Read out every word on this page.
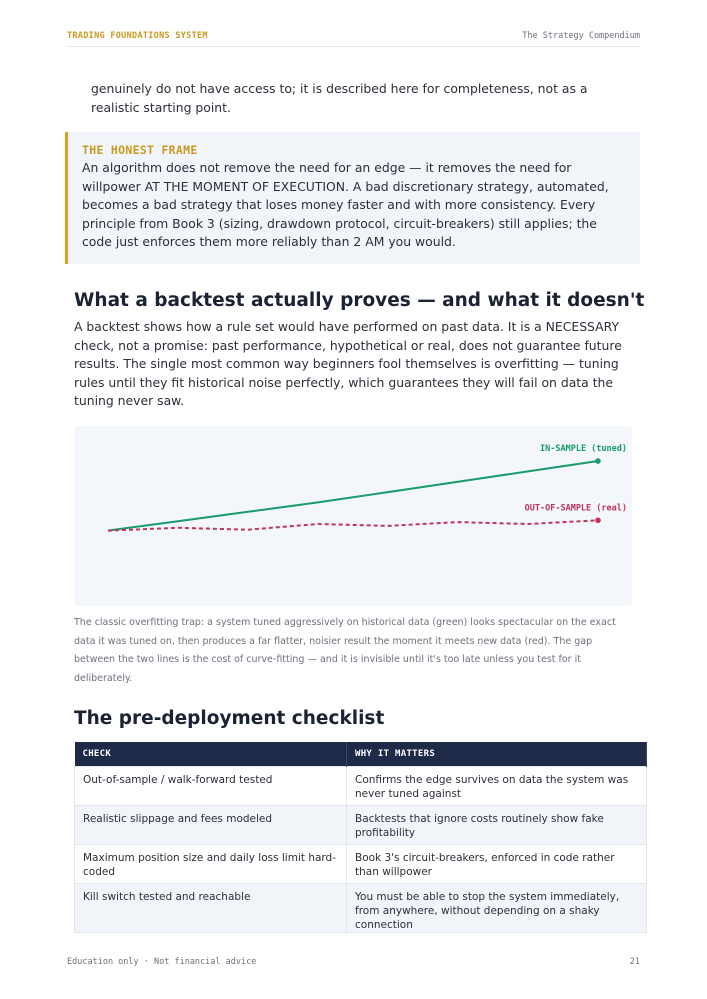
TRADING FOUNDATIONS SYSTEM	The Strategy Compendium

genuinely do not have access to; it is described here for completeness, not as a realistic starting point.

THE HONEST FRAME
An algorithm does not remove the need for an edge — it removes the need for willpower AT THE MOMENT OF EXECUTION. A bad discretionary strategy, automated, becomes a bad strategy that loses money faster and with more consistency. Every principle from Book 3 (sizing, drawdown protocol, circuit-breakers) still applies; the code just enforces them more reliably than 2 AM you would.
What a backtest actually proves — and what it doesn't

A backtest shows how a rule set would have performed on past data. It is a NECESSARY check, not a promise: past performance, hypothetical or real, does not guarantee future results. The single most common way beginners fool themselves is overfitting — tuning rules until they fit historical noise perfectly, which guarantees they will fail on data the tuning never saw.

IN-SAMPLE (tuned)
OUT-OF-SAMPLE (real)

The classic overfitting trap: a system tuned aggressively on historical data (green) looks spectacular on the exact data it was tuned on, then produces a far flatter, noisier result the moment it meets new data (red). The gap between the two lines is the cost of curve-fitting — and it is invisible until it's too late unless you test for it deliberately.

The pre-deployment checklist
CHECK	WHY IT MATTERS
Out-of-sample / walk-forward tested	Confirms the edge survives on data the system was never tuned against
Realistic slippage and fees modeled	Backtests that ignore costs routinely show fake profitability
Maximum position size and daily loss limit hard-coded	Book 3's circuit-breakers, enforced in code rather than willpower
Kill switch tested and reachable	You must be able to stop the system immediately, from anywhere, without depending on a shaky connection
Education only · Not financial advice	21
